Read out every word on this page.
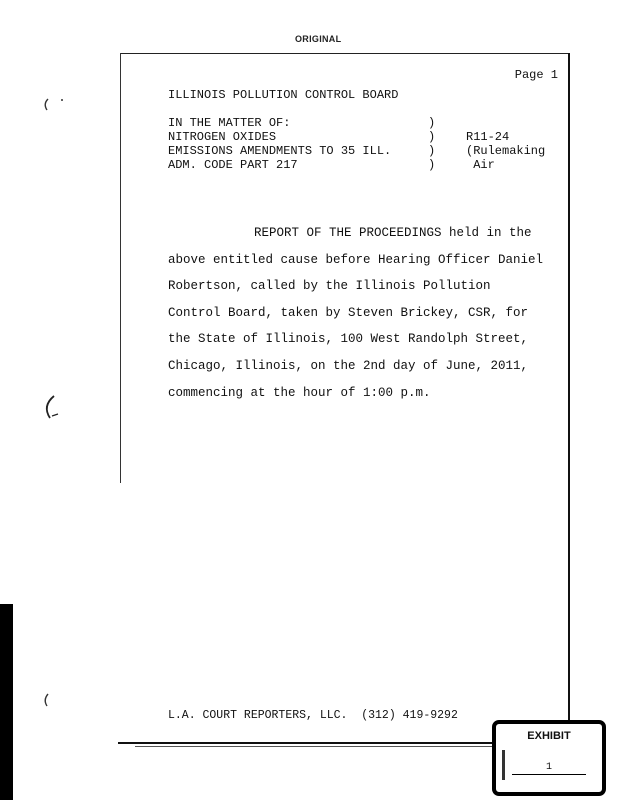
ORIGINAL
Page 1
ILLINOIS POLLUTION CONTROL BOARD
IN THE MATTER OF:
NITROGEN OXIDES
EMISSIONS AMENDMENTS TO 35 ILL.
ADM. CODE PART 217
)
)
)
)
R11-24
(Rulemaking
Air
REPORT OF THE PROCEEDINGS held in the
above entitled cause before Hearing Officer Daniel
Robertson, called by the Illinois Pollution
Control Board, taken by Steven Brickey, CSR, for
the State of Illinois, 100 West Randolph Street,
Chicago, Illinois, on the 2nd day of June, 2011,
commencing at the hour of 1:00 p.m.
L.A. COURT REPORTERS, LLC.  (312) 419-9292
EXHIBIT
1
